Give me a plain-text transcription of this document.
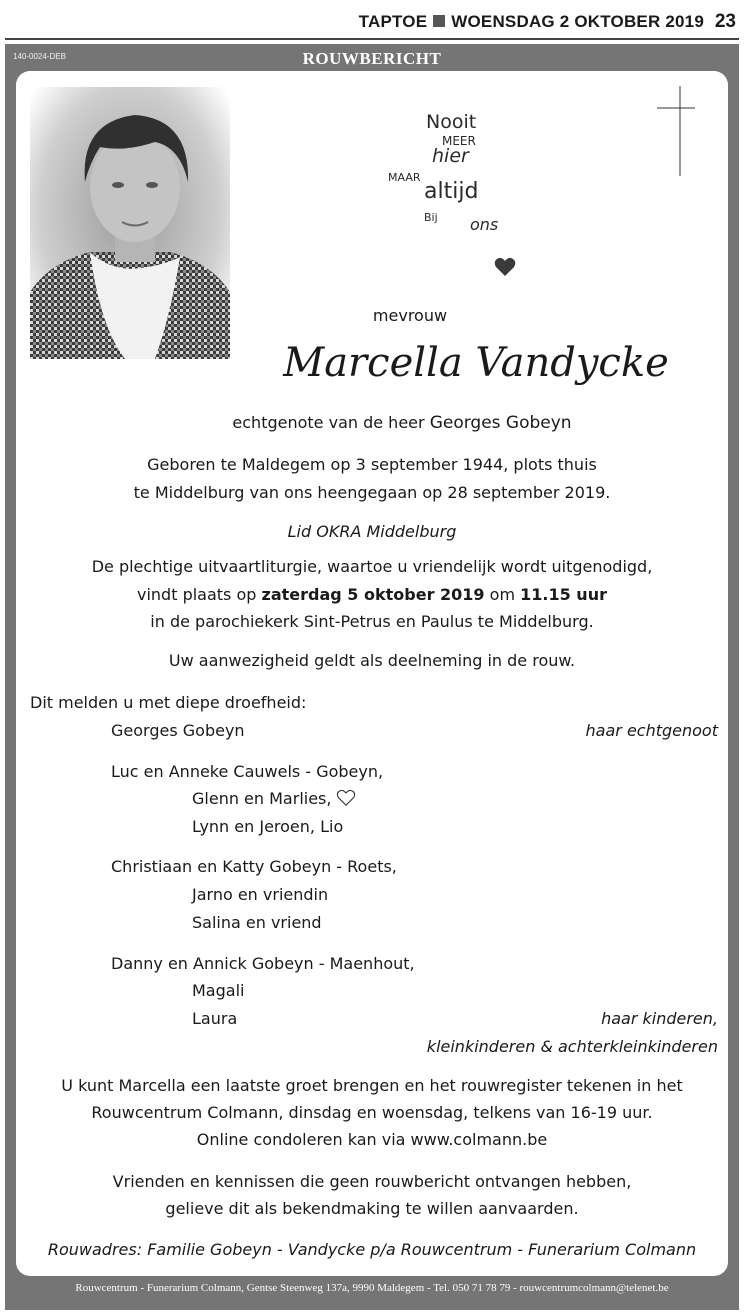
TAPTOE WOENSDAG 2 OKTOBER 2019 23
140-0024-DEB	ROUWBERICHT
Nooit
MEER
hier
MAAR
altijd
Bij ons
mevrouw
Marcella Vandycke
echtgenote van de heer Georges Gobeyn
Geboren te Maldegem op 3 september 1944, plots thuis
te Middelburg van ons heengegaan op 28 september 2019.
Lid OKRA Middelburg
De plechtige uitvaartliturgie, waartoe u vriendelijk wordt uitgenodigd,
vindt plaats op zaterdag 5 oktober 2019 om 11.15 uur
in de parochiekerk Sint-Petrus en Paulus te Middelburg.
Uw aanwezigheid geldt als deelneming in de rouw.
Dit melden u met diepe droefheid:
Georges Gobeyn	haar echtgenoot
Luc en Anneke Cauwels - Gobeyn,
Glenn en Marlies,
Lynn en Jeroen, Lio
Christiaan en Katty Gobeyn - Roets,
Jarno en vriendin
Salina en vriend
Danny en Annick Gobeyn - Maenhout,
Magali
Laura	haar kinderen,
kleinkinderen & achterkleinkinderen
U kunt Marcella een laatste groet brengen en het rouwregister tekenen in het
Rouwcentrum Colmann, dinsdag en woensdag, telkens van 16-19 uur.
Online condoleren kan via www.colmann.be
Vrienden en kennissen die geen rouwbericht ontvangen hebben,
gelieve dit als bekendmaking te willen aanvaarden.
Rouwadres: Familie Gobeyn - Vandycke p/a Rouwcentrum - Funerarium Colmann
Rouwcentrum - Funerarium Colmann, Gentse Steenweg 137a, 9990 Maldegem - Tel. 050 71 78 79 - rouwcentrumcolmann@telenet.be
